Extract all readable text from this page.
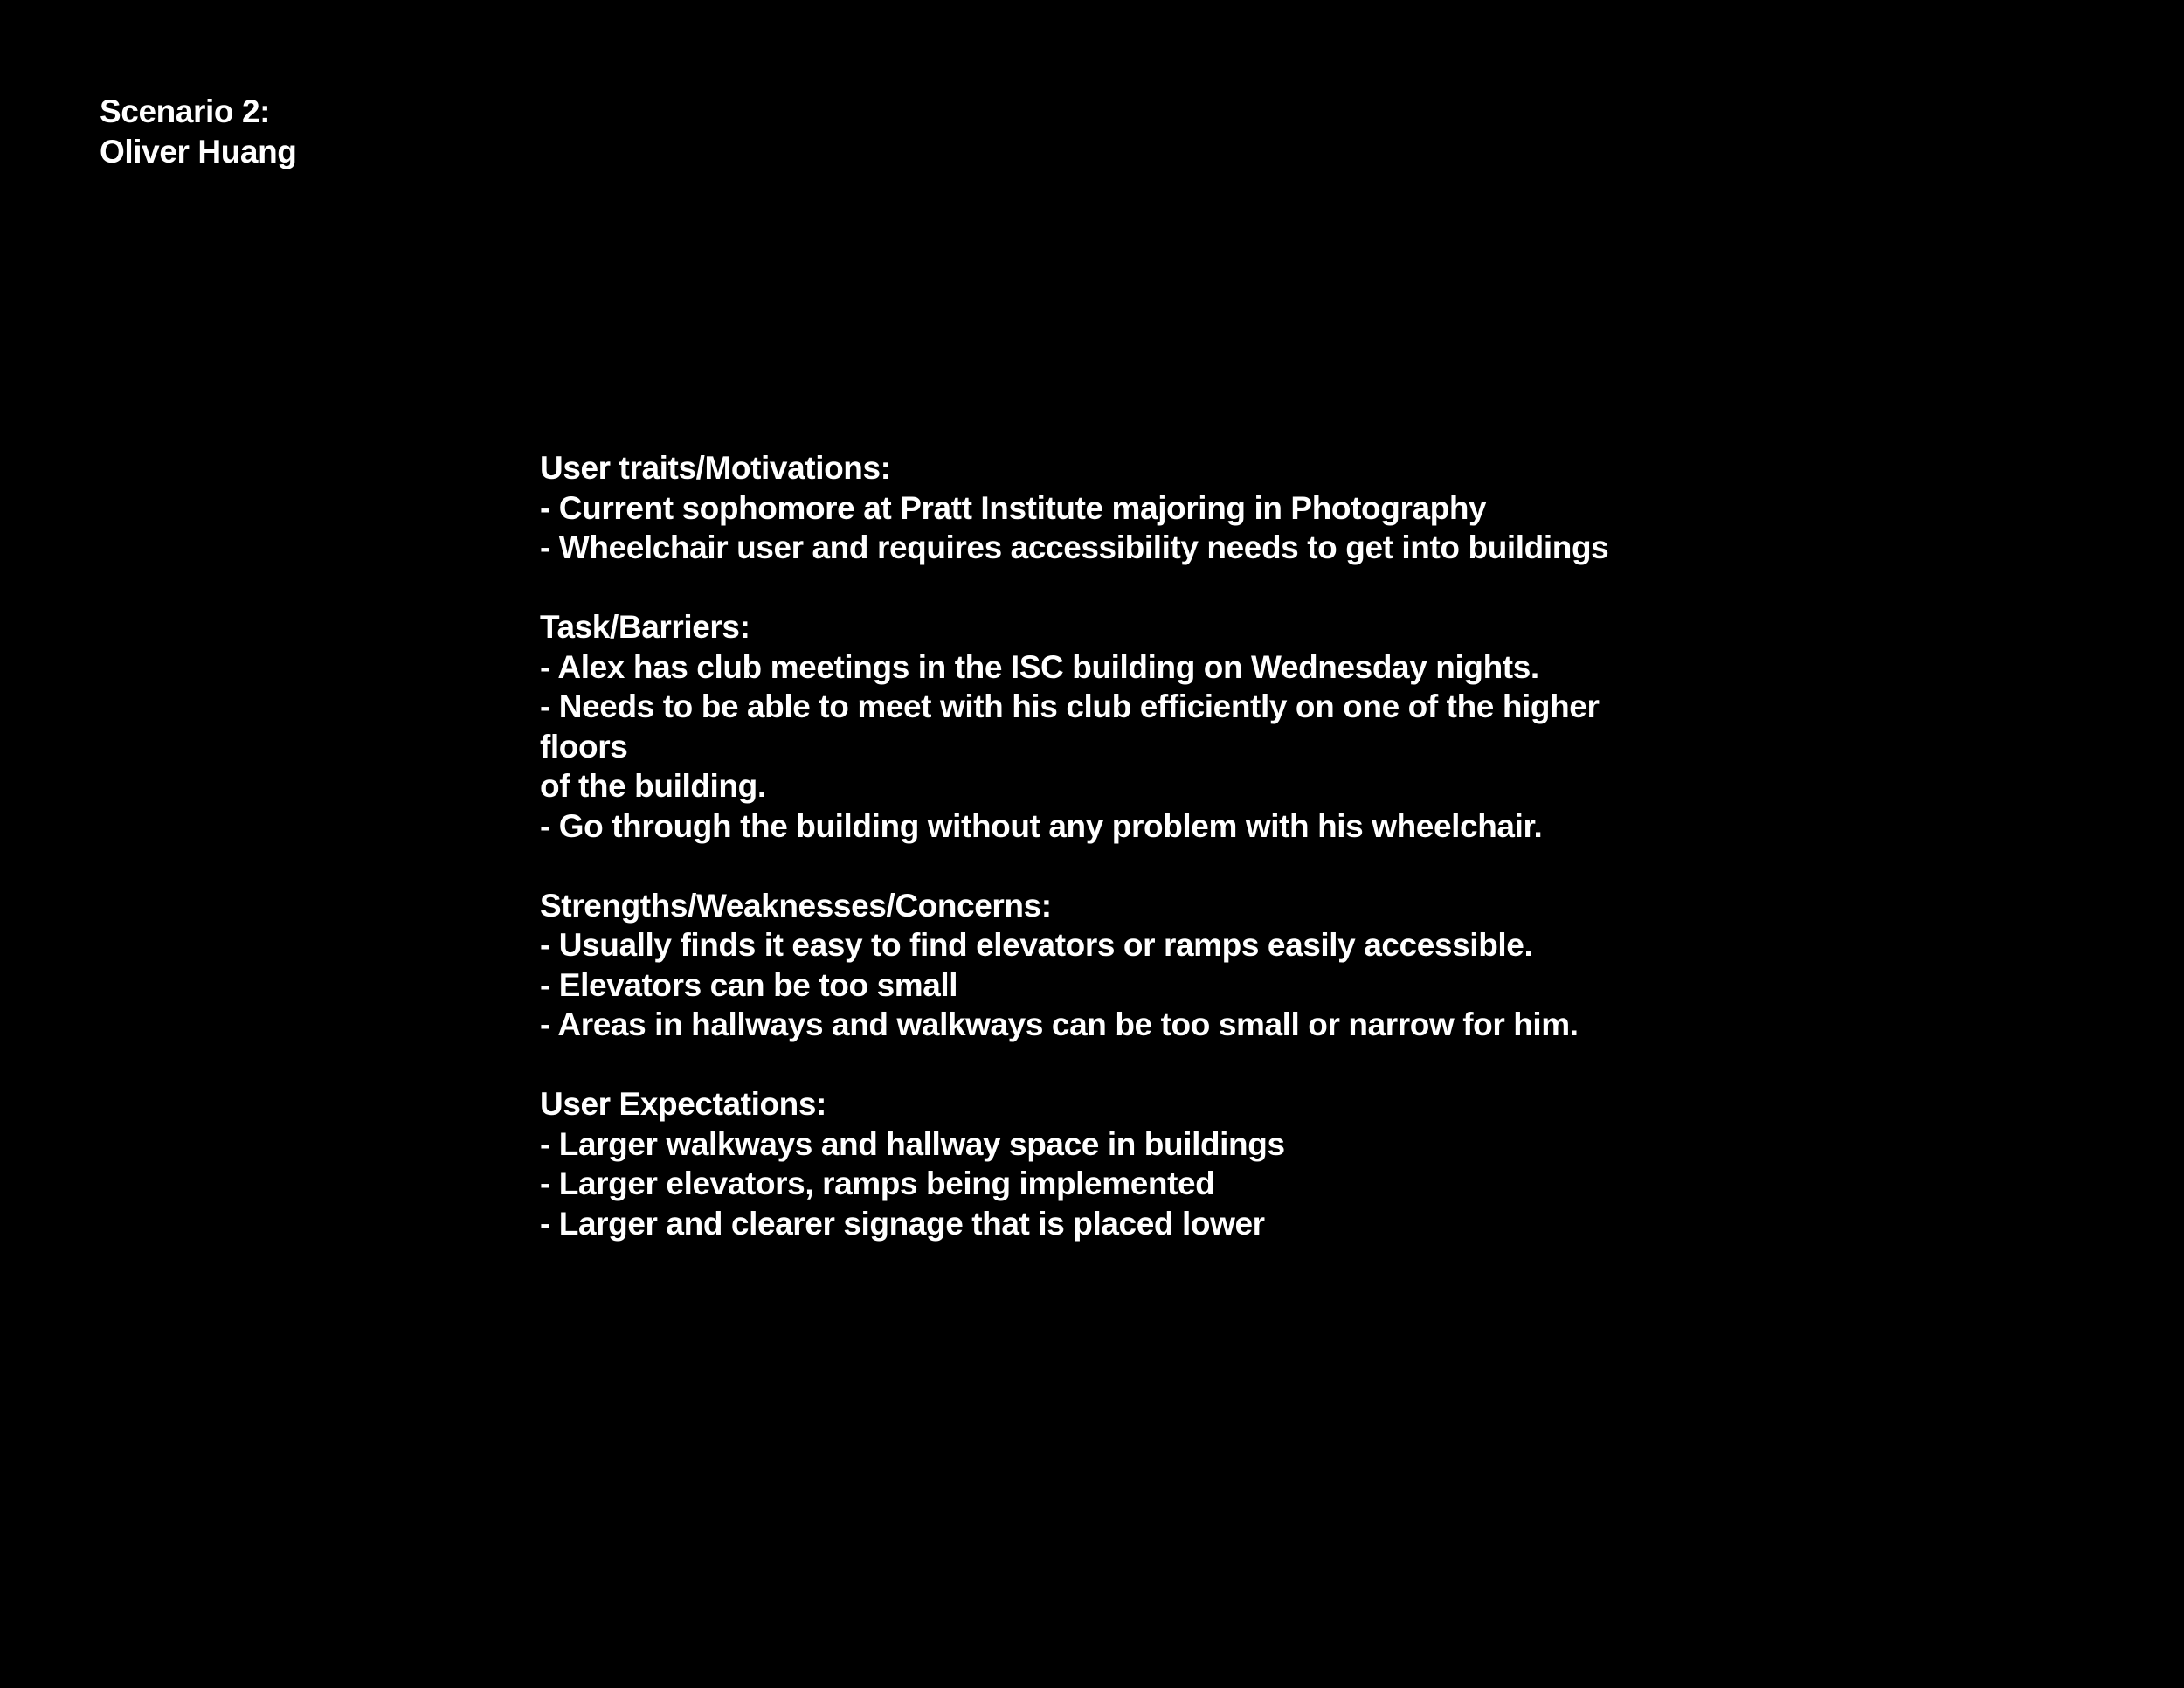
Scenario 2:
Oliver Huang
User traits/Motivations:
- Current sophomore at Pratt Institute majoring in Photography
- Wheelchair user and requires accessibility needs to get into buildings
Task/Barriers:
- Alex has club meetings in the ISC building on Wednesday nights.
- Needs to be able to meet with his club efficiently on one of the higher
floors
of the building.
- Go through the building without any problem with his wheelchair.
Strengths/Weaknesses/Concerns:
- Usually finds it easy to find elevators or ramps easily accessible.
- Elevators can be too small
- Areas in hallways and walkways can be too small or narrow for him.
User Expectations:
- Larger walkways and hallway space in buildings
- Larger elevators, ramps being implemented
- Larger and clearer signage that is placed lower
